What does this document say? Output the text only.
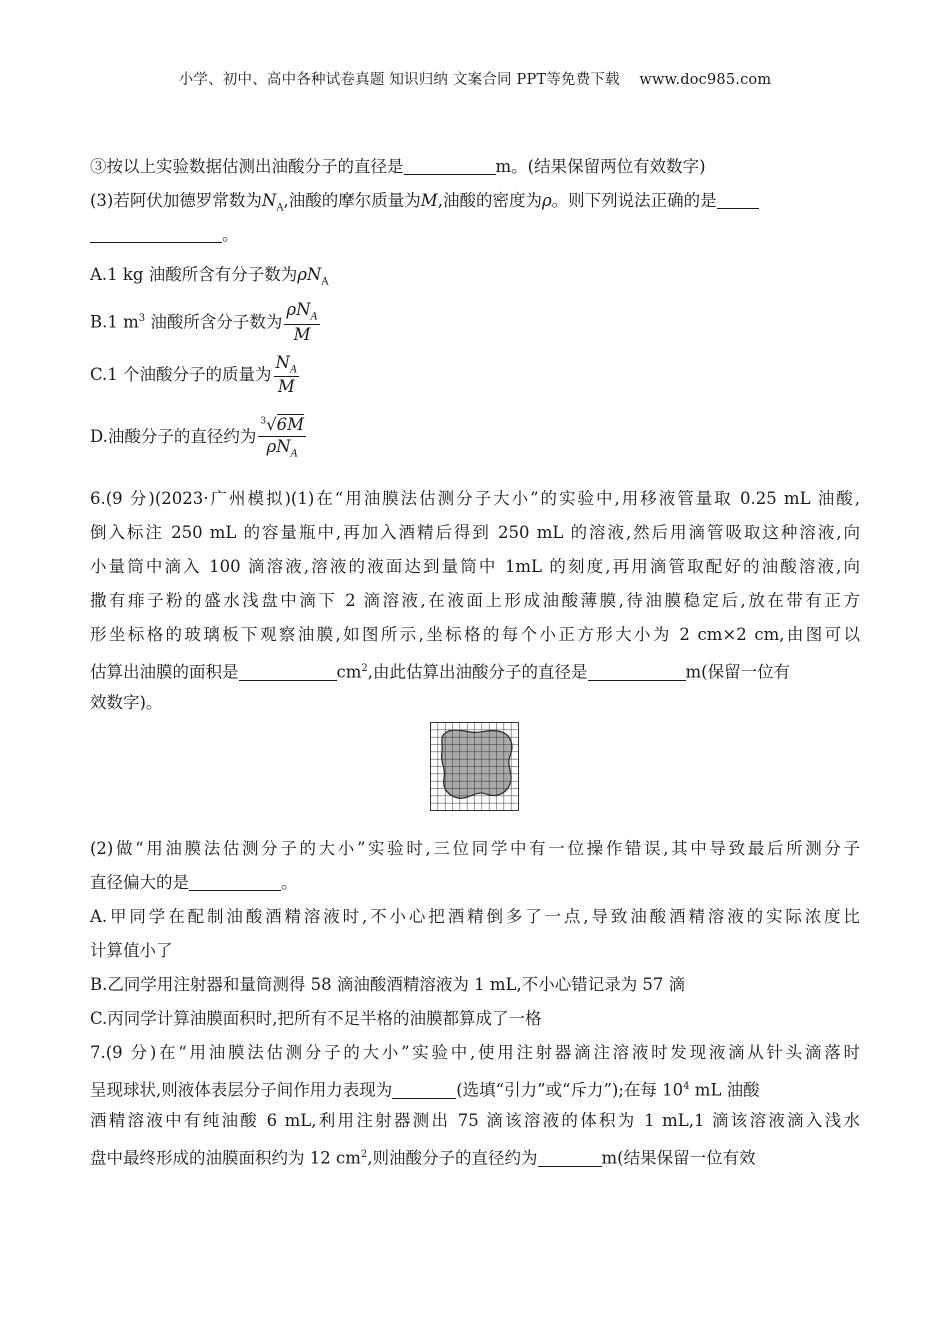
小学、初中、高中各种试卷真题 知识归纳 文案合同 PPT等免费下载　 www.doc985.com
③按以上实验数据估测出油酸分子的直径是	m。(结果保留两位有效数字)
(3)若阿伏加德罗常数为$N_A$,油酸的摩尔质量为M,油酸的密度为ρ。则下列说法正确的是
。
A.1 kg 油酸所含有分子数为$\rho N_A$
B.1 $m^3$ 油酸所含分子数为 $\frac{\rho N_A}{M}$
C.1 个油酸分子的质量为 $\frac{N_A}{M}$
D.油酸分子的直径约为 $\frac{^3√6M}{\rho N_A}$
6.(9 分)(2023·广州模拟)(1)在“用油膜法估测分子大小”的实验中,用移液管量取 0.25 mL 油酸,
倒入标注 250 mL 的容量瓶中,再加入酒精后得到 250 mL 的溶液,然后用滴管吸取这种溶液,向
小量筒中滴入 100 滴溶液,溶液的液面达到量筒中 1mL 的刻度,再用滴管取配好的油酸溶液,向
撒有痱子粉的盛水浅盘中滴下 2 滴溶液,在液面上形成油酸薄膜,待油膜稳定后,放在带有正方
形坐标格的玻璃板下观察油膜,如图所示,坐标格的每个小正方形大小为 2 cm×2 cm,由图可以
估算出油膜的面积是	$cm^2$,由此估算出油酸分子的直径是	m(保留一位有
效数字)。
(2)做“用油膜法估测分子的大小”实验时,三位同学中有一位操作错误,其中导致最后所测分子
直径偏大的是	。
A.甲同学在配制油酸酒精溶液时,不小心把酒精倒多了一点,导致油酸酒精溶液的实际浓度比
计算值小了
B.乙同学用注射器和量筒测得 58 滴油酸酒精溶液为 1 mL,不小心错记录为 57 滴
C.丙同学计算油膜面积时,把所有不足半格的油膜都算成了一格
7.(9 分)在“用油膜法估测分子的大小”实验中,使用注射器滴注溶液时发现液滴从针头滴落时
呈现球状,则液体表层分子间作用力表现为	(选填“引力”或“斥力”);在每 $10^4$ mL 油酸
酒精溶液中有纯油酸 6 mL,利用注射器测出 75 滴该溶液的体积为 1 mL,1 滴该溶液滴入浅水
盘中最终形成的油膜面积约为 12 $cm^2$,则油酸分子的直径约为	m(结果保留一位有效
